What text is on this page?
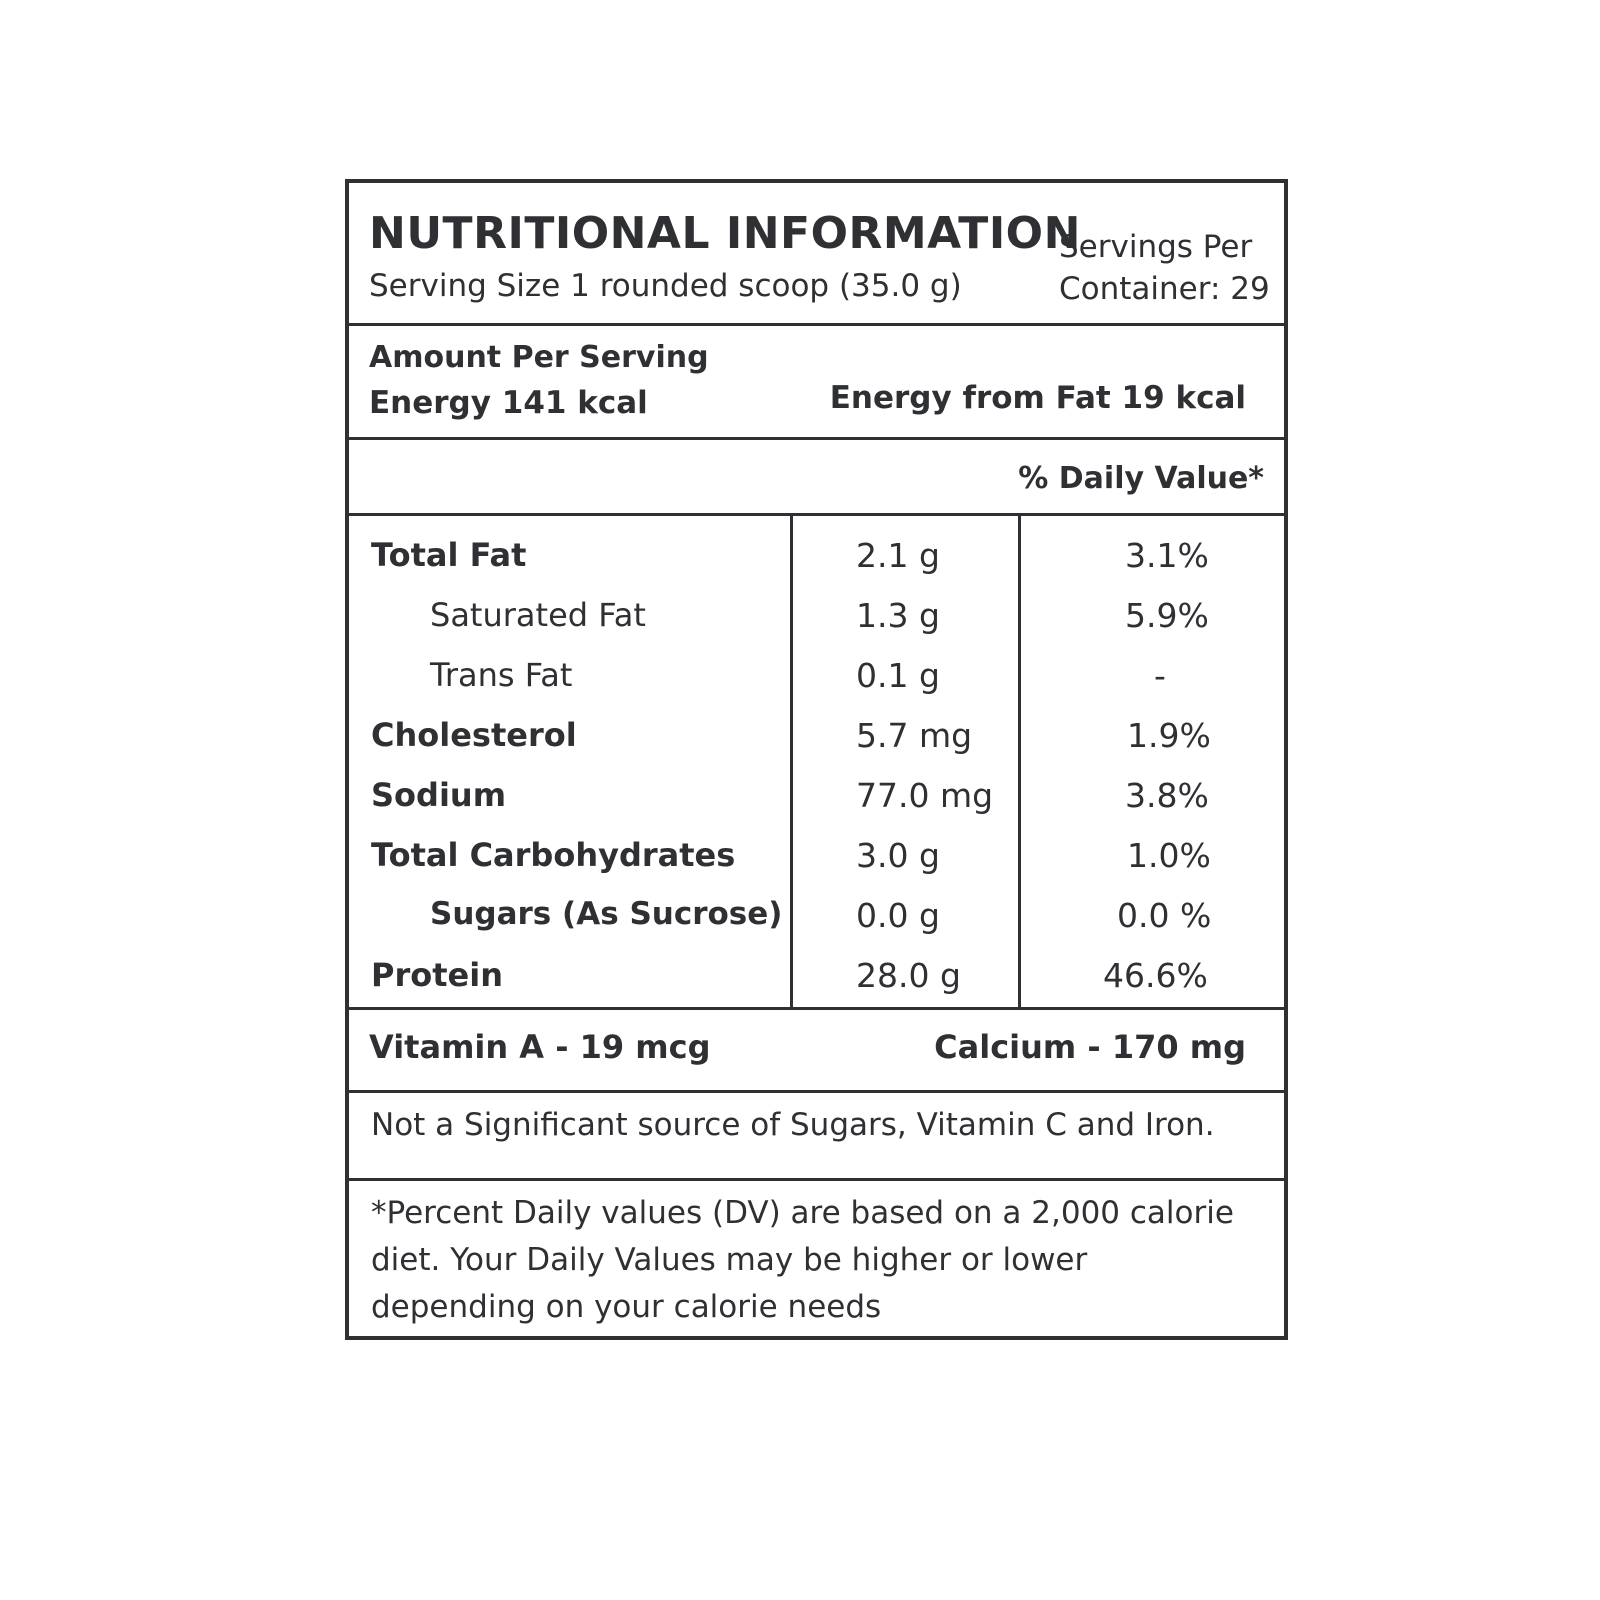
NUTRITIONAL INFORMATION
Serving Size 1 rounded scoop (35.0 g)
Servings Per
Container: 29
Amount Per Serving
Energy 141 kcal	Energy from Fat 19 kcal
% Daily Value*
Total Fat	2.1 g	3.1%
Saturated Fat	1.3 g	5.9%
Trans Fat	0.1 g	-
Cholesterol	5.7 mg	1.9%
Sodium	77.0 mg	3.8%
Total Carbohydrates	3.0 g	1.0%
Sugars (As Sucrose) 0.0 g	0.0 %
Protein	28.0 g	46.6%
Vitamin A - 19 mcg	Calcium - 170 mg
Not a Significant source of Sugars, Vitamin C and Iron.
*Percent Daily values (DV) are based on a 2,000 calorie
diet. Your Daily Values may be higher or lower
depending on your calorie needs
